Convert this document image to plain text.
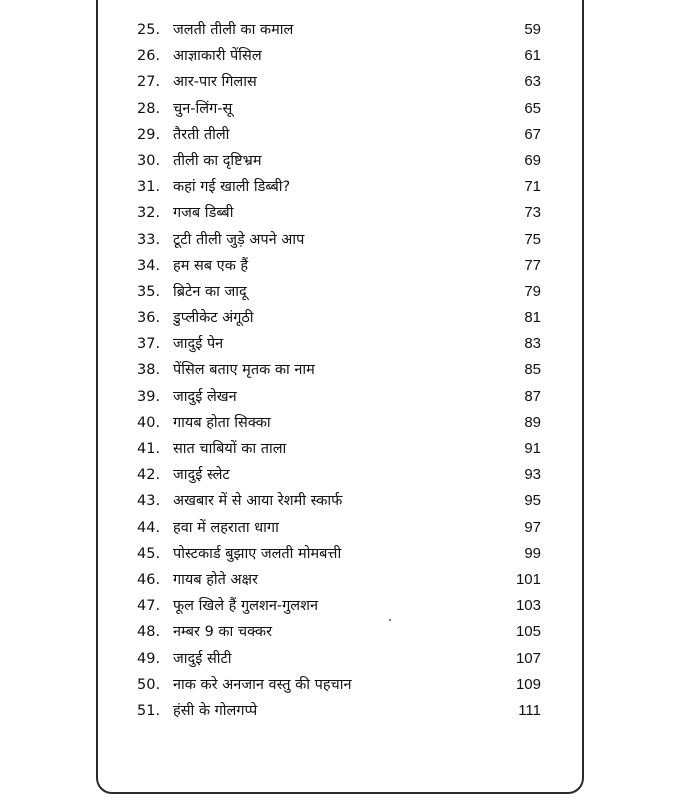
25. जलती तीली का कमाल	59
26. आज्ञाकारी पेंसिल	61
27. आर-पार गिलास	63
28. चुन-लिंग-सू	65
29. तैरती तीली	67
30. तीली का दृष्टिभ्रम	69
31. कहां गई खाली डिब्बी?	71
32. गजब डिब्बी	73
33. टूटी तीली जुड़े अपने आप	75
34. हम सब एक हैं	77
35. ब्रिटेन का जादू	79
36. डुप्लीकेट अंगूठी	81
37. जादुई पेन	83
38. पेंसिल बताए मृतक का नाम	85
39. जादुई लेखन	87
40. गायब होता सिक्का	89
41. सात चाबियों का ताला	91
42. जादुई स्लेट	93
43. अखबार में से आया रेशमी स्कार्फ	95
44. हवा में लहराता धागा	97
45. पोस्टकार्ड बुझाए जलती मोमबत्ती	99
46. गायब होते अक्षर	101
47. फूल खिले हैं गुलशन-गुलशन	103
48. नम्बर 9 का चक्कर	105
49. जादुई सीटी	107
50. नाक करे अनजान वस्तु की पहचान	109
51. हंसी के गोलगप्पे	111
